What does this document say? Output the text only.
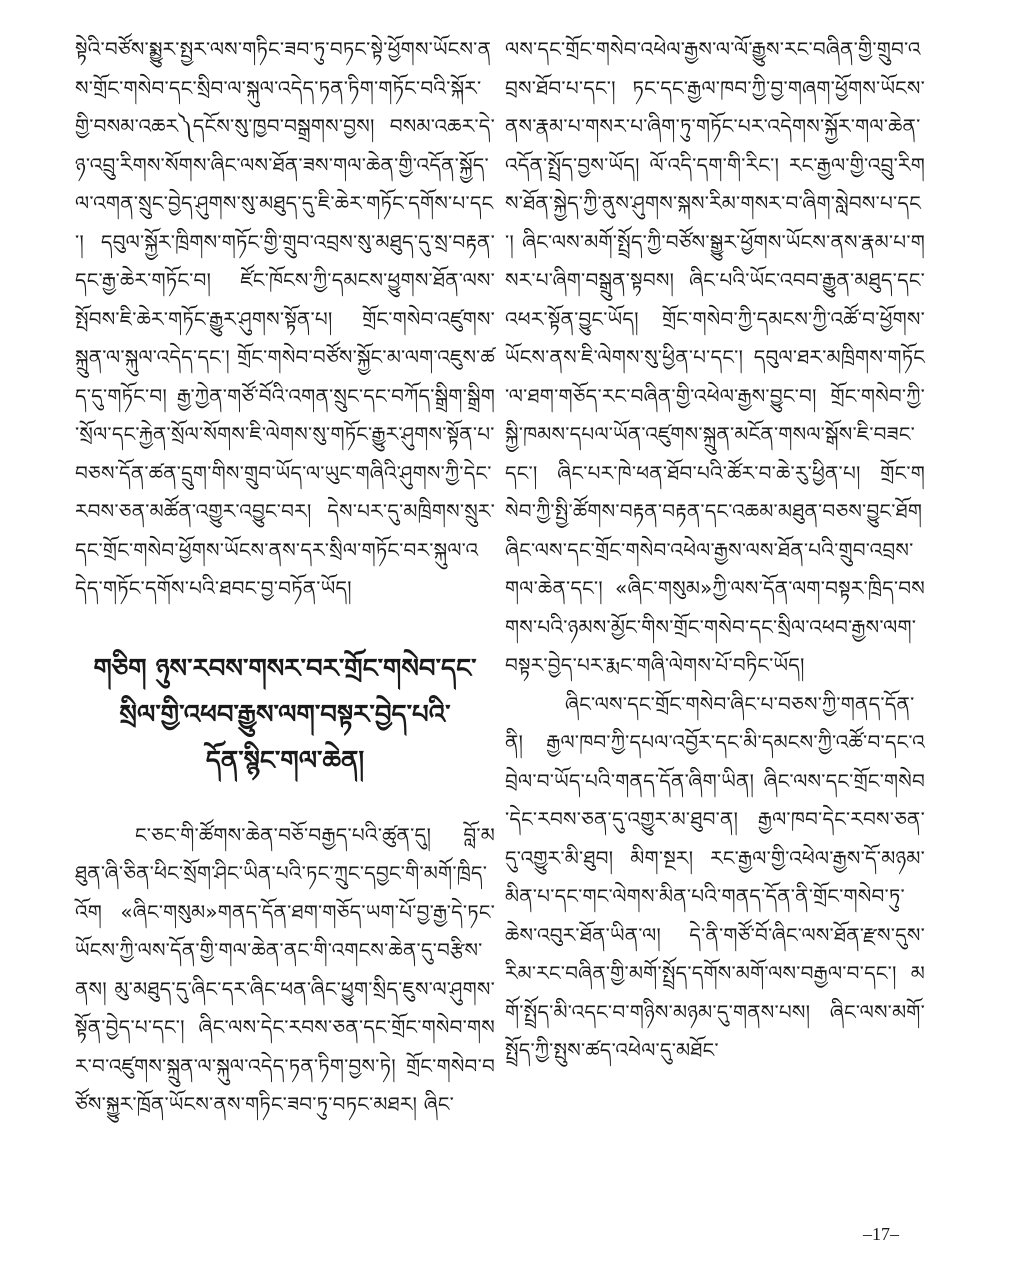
སྟེའི་བཙོས་སྨྱུར་སྤྱར་ལས་གཏིང་ཟབ་ཏུ་བཏང་སྟེ་ཕྱོགས་ཡོངས་ནས་གྲོང་གསེབ་དང་སྲིབ་ལ་སྐུལ་འདེད་ཏན་ཏིག་གཏོང་བའི་སྐོར་གྱི་བསམ་འཆར༽དངོས་སུ་ཁྱབ་བསྒྲགས་བྱས། བསམ་འཆར་དེ་ཉ་འབྲུ་རིགས་སོགས་ཞིང་ལས་ཐོན་ཟས་གལ་ཆེན་གྱི་འདོན་སྐྱོད་ལ་འགན་སྲུང་བྱེད་ཤུགས་སུ་མཐུད་དུ་ཇི་ཆེར་གཏོང་དགོས་པ་དང་། དབུལ་སྐྱོར་ཁྲིགས་གཏོང་གྱི་གྲུབ་འབྲས་སུ་མཐུད་དུ་སྲ་བརྟན་དང་རྒྱ་ཆེར་གཏོང་བ། ཛོང་ཁོངས་ཀྱི་དམངས་ཕྱུགས་ཐོན་ལས་སྤོབས་ཇི་ཆེར་གཏོང་རྒྱུར་ཤུགས་སྟོན་པ། གྲོང་གསེབ་འཛུགས་སྐྲུན་ལ་སྐུལ་འདེད་དང་། གྲོང་གསེབ་བཙོས་སྐྱོང་མ་ལག་འཇུས་ཚད་དུ་གཏོང་བ། རྒྱ་ཀྱེན་གཙོ་བོའི་འགན་སྲུང་དང་བཀོད་སྒྲིག་སྒྲིག་སྲོལ་དང་རྐྱེན་སྲོལ་སོགས་ཇི་ལེགས་སུ་གཏོང་རྒྱུར་ཤུགས་སྟོན་པ་བཅས་དོན་ཚན་དྲུག་གིས་གྲུབ་ཡོད་ལ་ཡུང་གཞིའི་ཤུགས་ཀྱི་དེང་རབས་ཅན་མཚོན་འགྱུར་འབྱུང་བར། དེས་པར་དུ་མཁྲིགས་སྲུར་དང་གྲོང་གསེབ་ཕྱོགས་ཡོངས་ནས་དར་སྲིལ་གཏོང་བར་སྐུལ་འདེད་གཏོང་དགོས་པའི་ཐབང་བྱ་བཏོན་ཡོད།

གཅིག ཉུས་རབས་གསར་བར་གྲོང་གསེབ་དང་
སྲིལ་གྱི་འཕབ་རྒྱུས་ལག་བསྟར་བྱེད་པའི་
དོན་སྙིང་གལ་ཆེན།

ང་ཅང་གི་ཚོགས་ཆེན་བཅོ་བརྒྱད་པའི་ཚུན་དུ། བློ་མཐུན་ཞི་ཅིན་ཕིང་སྲོག་ཤིང་ཡིན་པའི་ཏང་ཀྲུང་དབྱང་གི་མགོ་ཁྲིད་འོག «ཞིང་གསུམ»གནད་དོན་ཐག་གཅོད་ཡག་པོ་བྱ་རྒྱ་དེ་ཏང་ཡོངས་ཀྱི་ལས་དོན་གྱི་གལ་ཆེན་ནང་གི་འགངས་ཆེན་དུ་བརྩིས་ནས། མུ་མཐུད་དུ་ཞིང་དར་ཞིང་ཕན་ཞིང་ཕྱུག་སྲིད་ཇུས་ལ་ཤུགས་སྟོན་བྱེད་པ་དང་། ཞིང་ལས་དེང་རབས་ཅན་དང་གྲོང་གསེབ་གསར་བ་འཛུགས་སྐྲུན་ལ་སྐུལ་འདེད་ཏན་ཏིག་བྱས་ཏེ། གྲོང་གསེབ་བཙོས་སྐྱུར་ཁྲོན་ཡོངས་ནས་གཏིང་ཟབ་ཏུ་བཏང་མཐར། ཞིང་

ལས་དང་གྲོང་གསེབ་འཕེལ་རྒྱས་ལ་ལོ་རྒྱུས་རང་བཞིན་གྱི་གྲུབ་འབྲས་ཐོབ་པ་དང་། ཏང་དང་རྒྱལ་ཁབ་ཀྱི་བྱ་གཞག་ཕྱོགས་ཡོངས་ནས་རྣམ་པ་གསར་པ་ཞིག་ཏུ་གཏོང་པར་འདེགས་སྐྱོར་གལ་ཆེན་འདོན་སྤྲོད་བྱས་ཡོད། ལོ་འདི་དག་གི་རིང་། རང་རྒྱལ་གྱི་འབྲུ་རིགས་ཐོན་སྐྱེད་ཀྱི་ནུས་ཤུགས་སྐས་རིམ་གསར་བ་ཞིག་སླེབས་པ་དང་། ཞིང་ལས་མགོ་སྤྲོད་ཀྱི་བཙོས་སྒྱུར་ཕྱོགས་ཡོངས་ནས་རྣམ་པ་གསར་པ་ཞིག་བསྒྲུན་སྟབས། ཞིང་པའི་ཡོང་འབབ་རྒྱུན་མཐུད་དང་འཕར་སྟོན་བྱུང་ཡོད། གྲོང་གསེབ་ཀྱི་དམངས་ཀྱི་འཚོ་བ་ཕྱོགས་ཡོངས་ནས་ཇི་ལེགས་སུ་ཕྱིན་པ་དང་། དབུལ་ཐར་མཁྲིགས་གཏོང་ལ་ཐག་གཅོད་རང་བཞིན་གྱི་འཕེལ་རྒྱས་བྱུང་བ། གྲོང་གསེབ་ཀྱི་སྐྱི་ཁམས་དཔལ་ཡོན་འཛུགས་སྐྲུན་མངོན་གསལ་སྒོས་ཇི་བཟང་དང་། ཞིང་པར་ཁེ་ཕན་ཐོབ་པའི་ཚོར་བ་ཆེ་རུ་ཕྱིན་པ། གྲོང་གསེབ་ཀྱི་སྤྱི་ཚོགས་བརྟན་བརྟན་དང་འཆམ་མཐུན་བཅས་བྱུང་ཐོག ཞིང་ལས་དང་གྲོང་གསེབ་འཕེལ་རྒྱས་ལས་ཐོན་པའི་གྲུབ་འབྲས་གལ་ཆེན་དང་། «ཞིང་གསུམ»ཀྱི་ལས་དོན་ལག་བསྟར་ཁྲིད་བསགས་པའི་ཉམས་མྱོང་གིས་གྲོང་གསེབ་དང་སྲིལ་འཕབ་རྒྱས་ལག་བསྟར་བྱེད་པར་རྨང་གཞི་ལེགས་པོ་བཏིང་ཡོད།

ཞིང་ལས་དང་གྲོང་གསེབ་ཞིང་པ་བཅས་ཀྱི་གནད་དོན་ནི། རྒྱལ་ཁབ་ཀྱི་དཔལ་འབྱོར་དང་མི་དམངས་ཀྱི་འཚོ་བ་དང་འབྲེལ་བ་ཡོད་པའི་གནད་དོན་ཞིག་ཡིན། ཞིང་ལས་དང་གྲོང་གསེབ་དེང་རབས་ཅན་དུ་འགྱུར་མ་ཐུབ་ན། རྒྱལ་ཁབ་དེང་རབས་ཅན་དུ་འགྱུར་མི་ཐུབ། མིག་སྔར། རང་རྒྱལ་གྱི་འཕེལ་རྒྱས་དོ་མཉམ་མིན་པ་དང་གང་ལེགས་མིན་པའི་གནད་དོན་ནི་གྲོང་གསེབ་ཏུ་ཆེས་འབུར་ཐོན་ཡིན་ལ། དེ་ནི་གཙོ་བོ་ཞིང་ལས་ཐོན་རྫས་དུས་རིམ་རང་བཞིན་གྱི་མགོ་སྤྲོད་དགོས་མགོ་ལས་བརྒྱལ་བ་དང་། མགོ་སྤྲོད་མི་འདང་བ་གཉིས་མཉམ་དུ་གནས་པས། ཞིང་ལས་མགོ་སྤྲོད་ཀྱི་སྤུས་ཚད་འཕེལ་དུ་མཐོང་

–17–
